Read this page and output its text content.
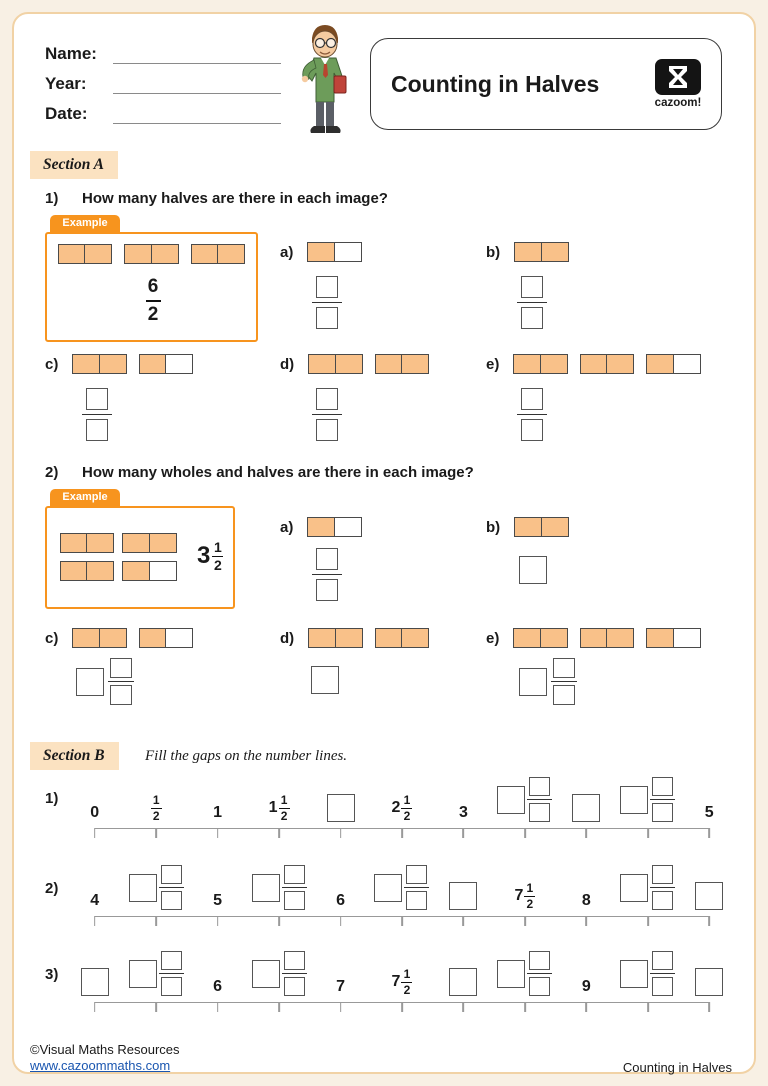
Name:
Year:
Date:
Counting in Halves
cazoom!
Section A
1) How many halves are there in each image?
Example
6
2
a)	b)
c)	d)	e)
2) How many wholes and halves are there in each image?
Example
3 1
2
a)	b)
c)	d)	e)
Section B	Fill the gaps on the number lines.
1)
0	$\frac{1}{2}$	1	$1 \frac{1}{2}$	$2 \frac{1}{2}$	3	5
2)
4	5	6	$7 \frac{1}{2}$	8
3)
6	7	$7 \frac{1}{2}$	9
©Visual Maths Resources
www.cazoommaths.com	Counting in Halves
